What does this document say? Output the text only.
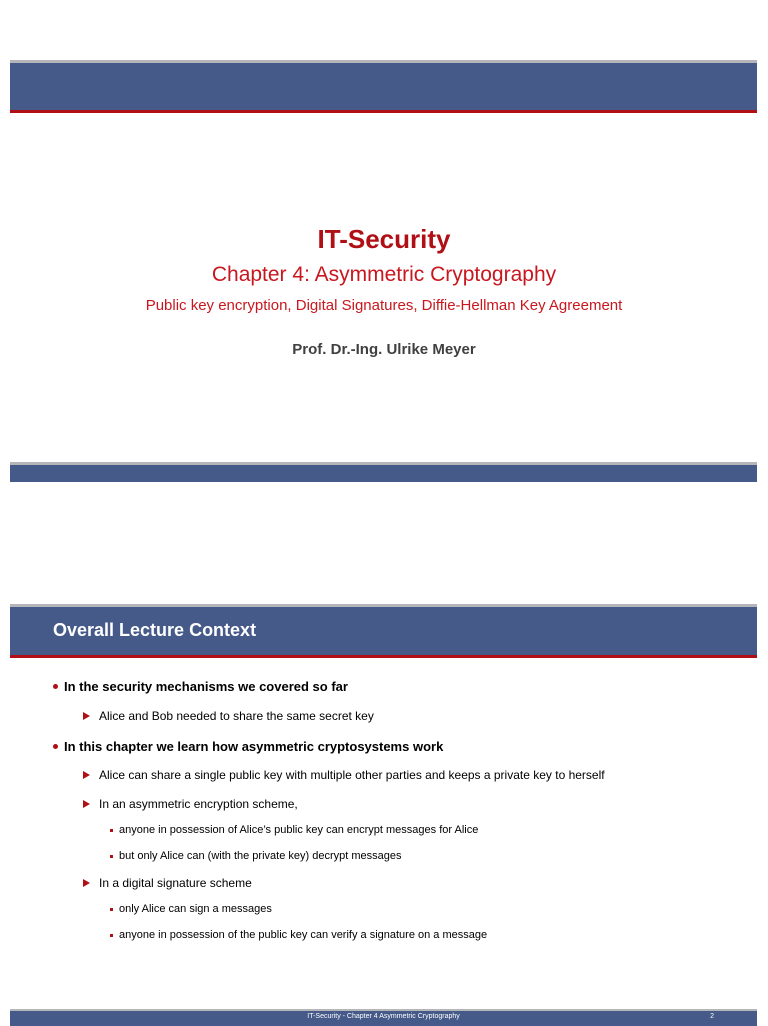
IT-Security
Chapter 4: Asymmetric Cryptography
Public key encryption, Digital Signatures, Diffie-Hellman Key Agreement
Prof. Dr.-Ing. Ulrike Meyer
Overall Lecture Context
In the security mechanisms we covered so far
Alice and Bob needed to share the same secret key
In this chapter we learn how asymmetric cryptosystems work
Alice can share a single public key with multiple other parties and keeps a private key to herself
In an asymmetric encryption scheme,
anyone in possession of Alice’s public key can encrypt messages for Alice
but only Alice can (with the private key) decrypt messages
In a digital signature scheme
only Alice can sign a messages
anyone in possession of the public key can verify a signature on a message
IT-Security - Chapter 4 Asymmetric Cryptography	2
